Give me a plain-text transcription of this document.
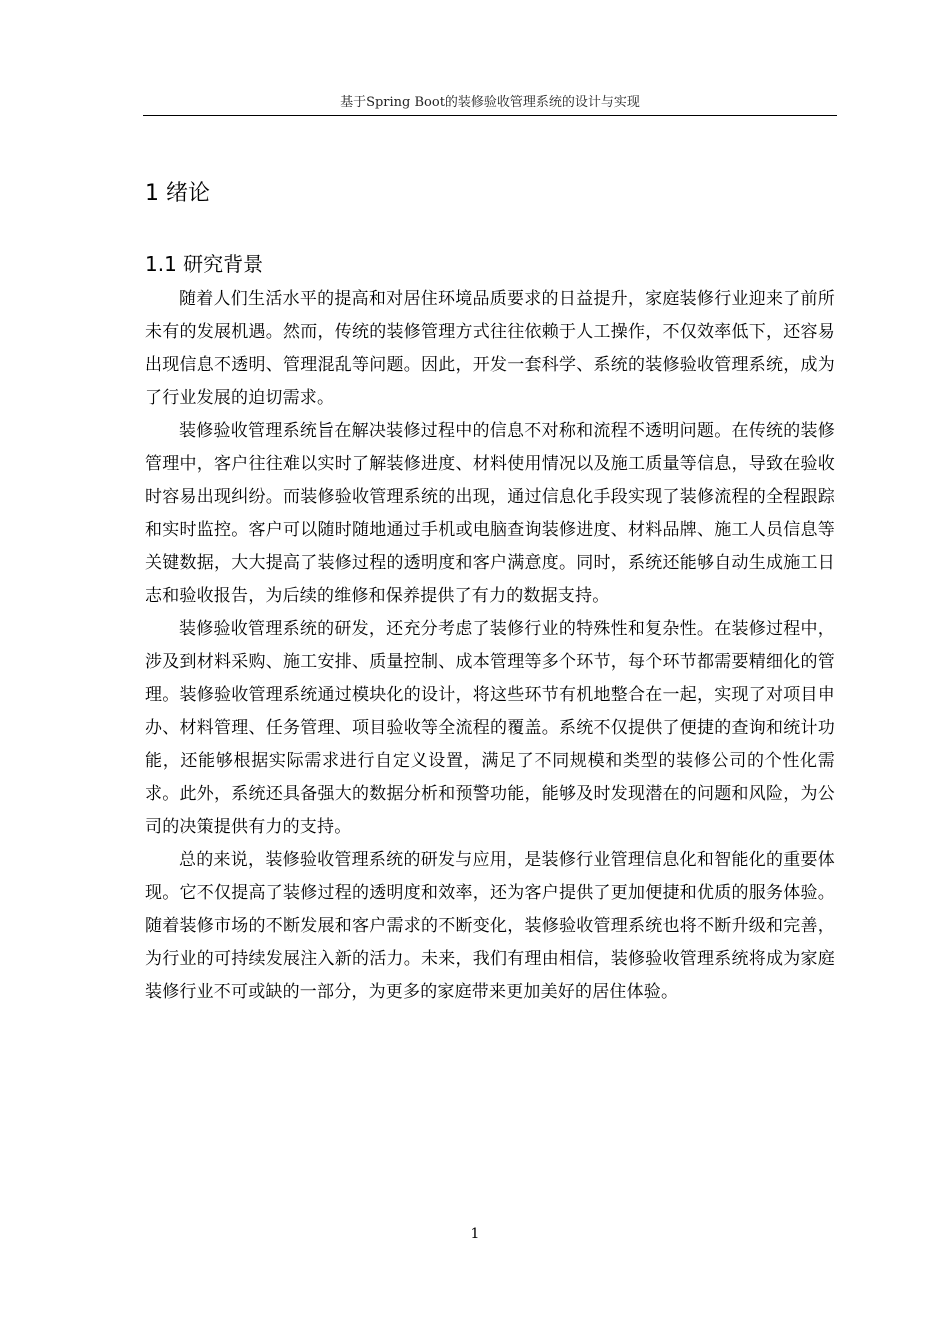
基于Spring Boot的装修验收管理系统的设计与实现
1 绪论
1.1 研究背景

随着人们生活水平的提高和对居住环境品质要求的日益提升，家庭装修行业迎来了前所未有的发展机遇。然而，传统的装修管理方式往往依赖于人工操作，不仅效率低下，还容易出现信息不透明、管理混乱等问题。因此，开发一套科学、系统的装修验收管理系统，成为了行业发展的迫切需求。

装修验收管理系统旨在解决装修过程中的信息不对称和流程不透明问题。在传统的装修管理中，客户往往难以实时了解装修进度、材料使用情况以及施工质量等信息，导致在验收时容易出现纠纷。而装修验收管理系统的出现，通过信息化手段实现了装修流程的全程跟踪和实时监控。客户可以随时随地通过手机或电脑查询装修进度、材料品牌、施工人员信息等关键数据，大大提高了装修过程的透明度和客户满意度。同时，系统还能够自动生成施工日志和验收报告，为后续的维修和保养提供了有力的数据支持。

装修验收管理系统的研发，还充分考虑了装修行业的特殊性和复杂性。在装修过程中，涉及到材料采购、施工安排、质量控制、成本管理等多个环节，每个环节都需要精细化的管理。装修验收管理系统通过模块化的设计，将这些环节有机地整合在一起，实现了对项目申办、材料管理、任务管理、项目验收等全流程的覆盖。系统不仅提供了便捷的查询和统计功能，还能够根据实际需求进行自定义设置，满足了不同规模和类型的装修公司的个性化需求。此外，系统还具备强大的数据分析和预警功能，能够及时发现潜在的问题和风险，为公司的决策提供有力的支持。

总的来说，装修验收管理系统的研发与应用，是装修行业管理信息化和智能化的重要体现。它不仅提高了装修过程的透明度和效率，还为客户提供了更加便捷和优质的服务体验。随着装修市场的不断发展和客户需求的不断变化，装修验收管理系统也将不断升级和完善，为行业的可持续发展注入新的活力。未来，我们有理由相信，装修验收管理系统将成为家庭装修行业不可或缺的一部分，为更多的家庭带来更加美好的居住体验。

1
